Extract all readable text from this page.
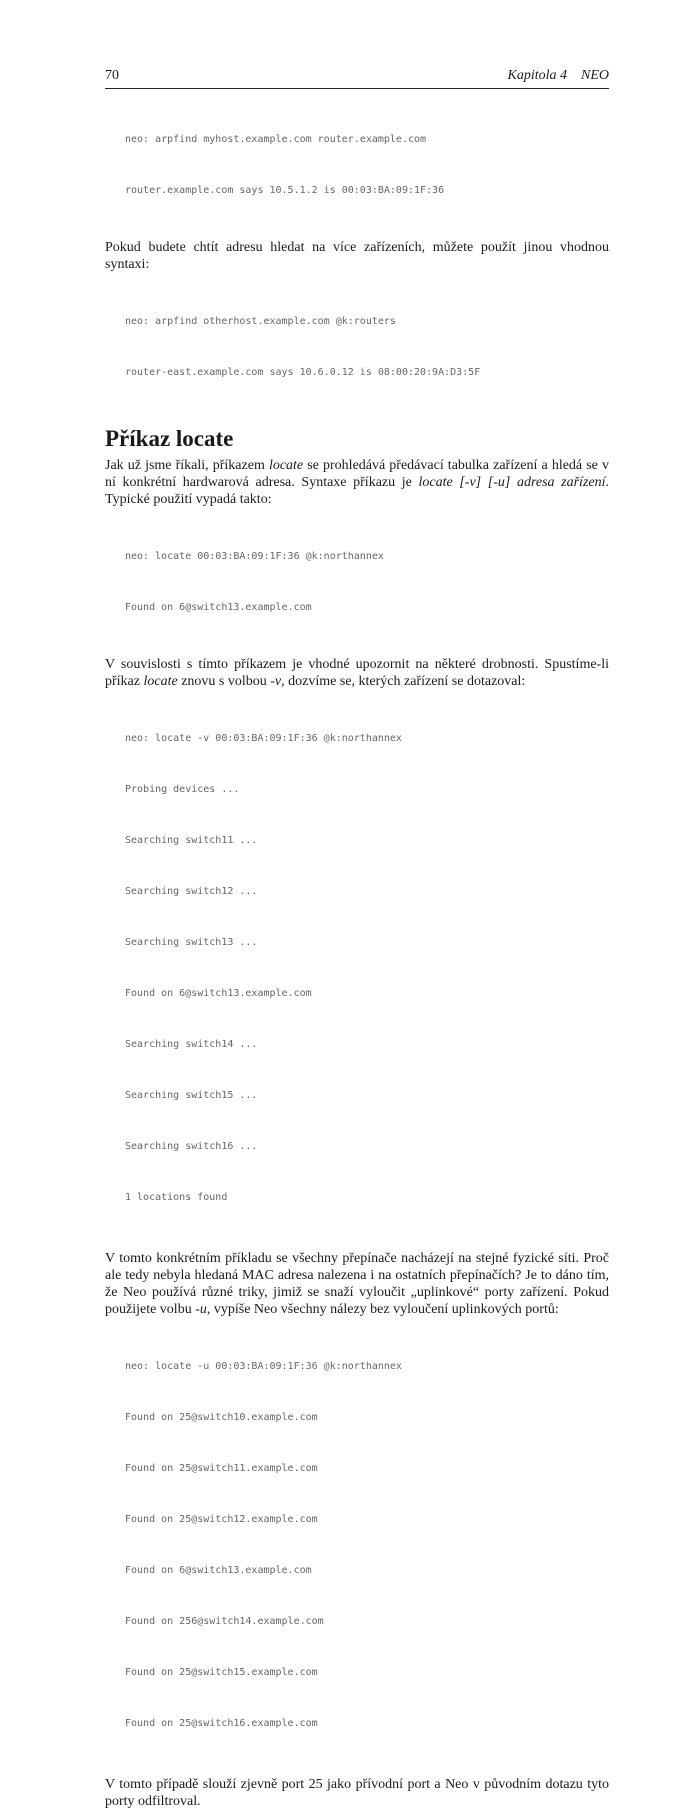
70	Kapitola 4    NEO

neo: arpfind myhost.example.com router.example.com

router.example.com says 10.5.1.2 is 00:03:BA:09:1F:36

Pokud budete chtít adresu hledat na více zařízeních, můžete použít jinou vhodnou syntaxi:

neo: arpfind otherhost.example.com @k:routers

router-east.example.com says 10.6.0.12 is 08:00:20:9A:D3:5F

Příkaz locate

Jak už jsme říkali, příkazem locate se prohledává předávací tabulka zařízení a hledá se v ní konkrétní hardwarová adresa. Syntaxe příkazu je locate [-v] [-u] adresa zařízení. Typické použití vypadá takto:

neo: locate 00:03:BA:09:1F:36 @k:northannex

Found on 6@switch13.example.com

V souvislosti s tímto příkazem je vhodné upozornit na některé drobnosti. Spustíme-li příkaz locate znovu s volbou -v, dozvíme se, kterých zařízení se dotazoval:

neo: locate -v 00:03:BA:09:1F:36 @k:northannex

Probing devices ...

Searching switch11 ...

Searching switch12 ...

Searching switch13 ...

Found on 6@switch13.example.com

Searching switch14 ...

Searching switch15 ...

Searching switch16 ...

1 locations found

V tomto konkrétním příkladu se všechny přepínače nacházejí na stejné fyzické síti. Proč ale tedy nebyla hledaná MAC adresa nalezena i na ostatních přepínačích? Je to dáno tím, že Neo používá různé triky, jimiž se snaží vyloučit „uplinkové“ porty zařízení. Pokud použijete volbu -u, vypíše Neo všechny nálezy bez vyloučení uplinkových portů:

neo: locate -u 00:03:BA:09:1F:36 @k:northannex

Found on 25@switch10.example.com

Found on 25@switch11.example.com

Found on 25@switch12.example.com

Found on 6@switch13.example.com

Found on 256@switch14.example.com

Found on 25@switch15.example.com

Found on 25@switch16.example.com

V tomto případě slouží zjevně port 25 jako přívodní port a Neo v původním dotazu tyto porty odfiltroval.
